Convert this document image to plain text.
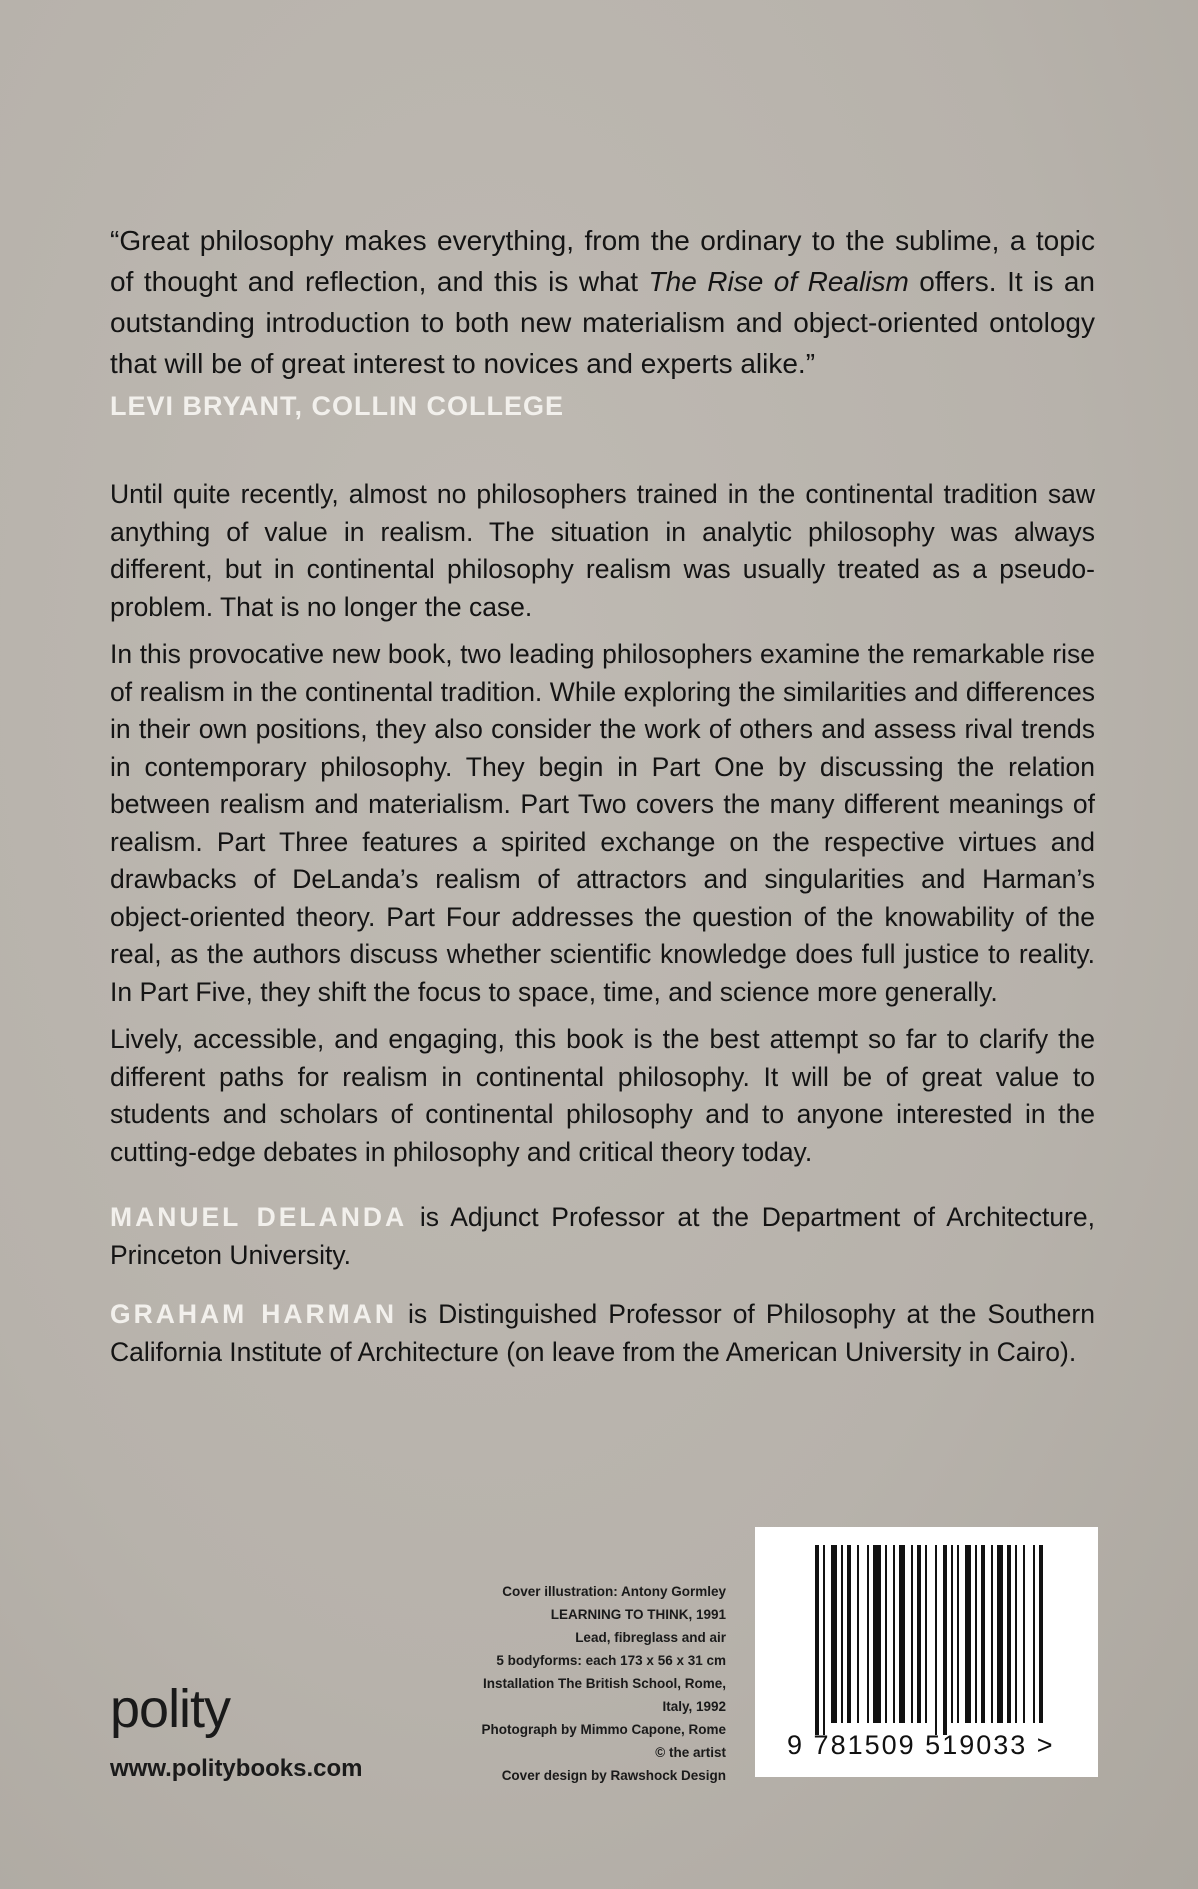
“Great philosophy makes everything, from the ordinary to the sublime, a topic of thought and reflection, and this is what The Rise of Realism offers. It is an outstanding introduction to both new materialism and object-oriented ontology that will be of great interest to novices and experts alike.”

LEVI BRYANT, COLLIN COLLEGE

Until quite recently, almost no philosophers trained in the continental tradition saw anything of value in realism. The situation in analytic philosophy was always different, but in continental philosophy realism was usually treated as a pseudo-problem. That is no longer the case.

In this provocative new book, two leading philosophers examine the remarkable rise of realism in the continental tradition. While exploring the similarities and differences in their own positions, they also consider the work of others and assess rival trends in contemporary philosophy. They begin in Part One by discussing the relation between realism and materialism. Part Two covers the many different meanings of realism. Part Three features a spirited exchange on the respective virtues and drawbacks of DeLanda’s realism of attractors and singularities and Harman’s object-oriented theory. Part Four addresses the question of the knowability of the real, as the authors discuss whether scientific knowledge does full justice to reality. In Part Five, they shift the focus to space, time, and science more generally.

Lively, accessible, and engaging, this book is the best attempt so far to clarify the different paths for realism in continental philosophy. It will be of great value to students and scholars of continental philosophy and to anyone interested in the cutting-edge debates in philosophy and critical theory today.

MANUEL DELANDA is Adjunct Professor at the Department of Architecture, Princeton University.

GRAHAM HARMAN is Distinguished Professor of Philosophy at the Southern California Institute of Architecture (on leave from the American University in Cairo).

polity
www.politybooks.com
Cover illustration: Antony Gormley
LEARNING TO THINK, 1991
Lead, fibreglass and air
5 bodyforms: each 173 x 56 x 31 cm
Installation The British School, Rome,
Italy, 1992
Photograph by Mimmo Capone, Rome
© the artist
Cover design by Rawshock Design
9 781509 519033 >
